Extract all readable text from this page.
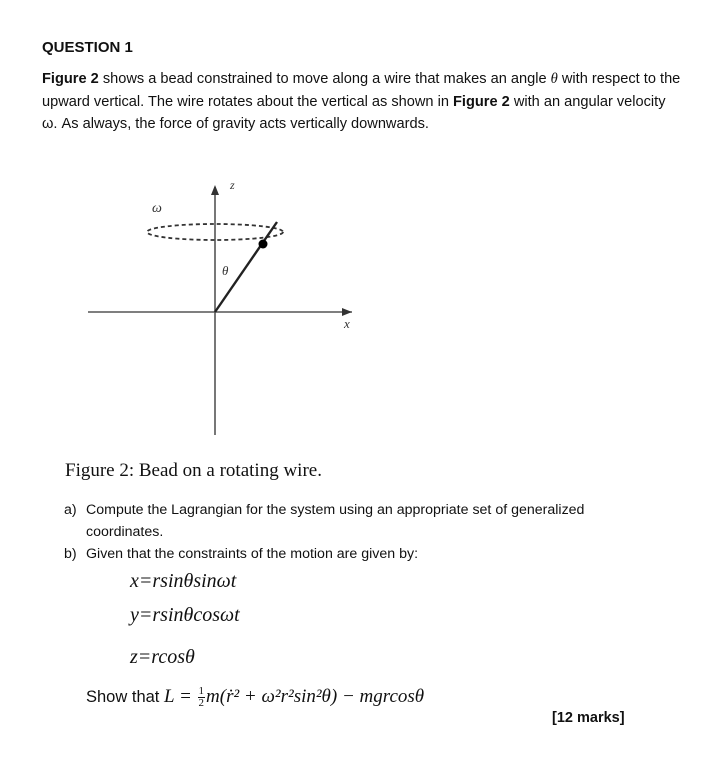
QUESTION 1
Figure 2 shows a bead constrained to move along a wire that makes an angle θ with respect to the upward vertical. The wire rotates about the vertical as shown in Figure 2 with an angular velocity ω. As always, the force of gravity acts vertically downwards.
z
x
ω
θ
Figure 2: Bead on a rotating wire.
a) Compute the Lagrangian for the system using an appropriate set of generalized
coordinates.
b) Given that the constraints of the motion are given by:
x=rsinθsinωt
y=rsinθcosωt
z=rcosθ
Show that $L = \frac{1}{2}$ m(ṙ² + ω²r²sin²θ) − mgrcosθ
[12 marks]
